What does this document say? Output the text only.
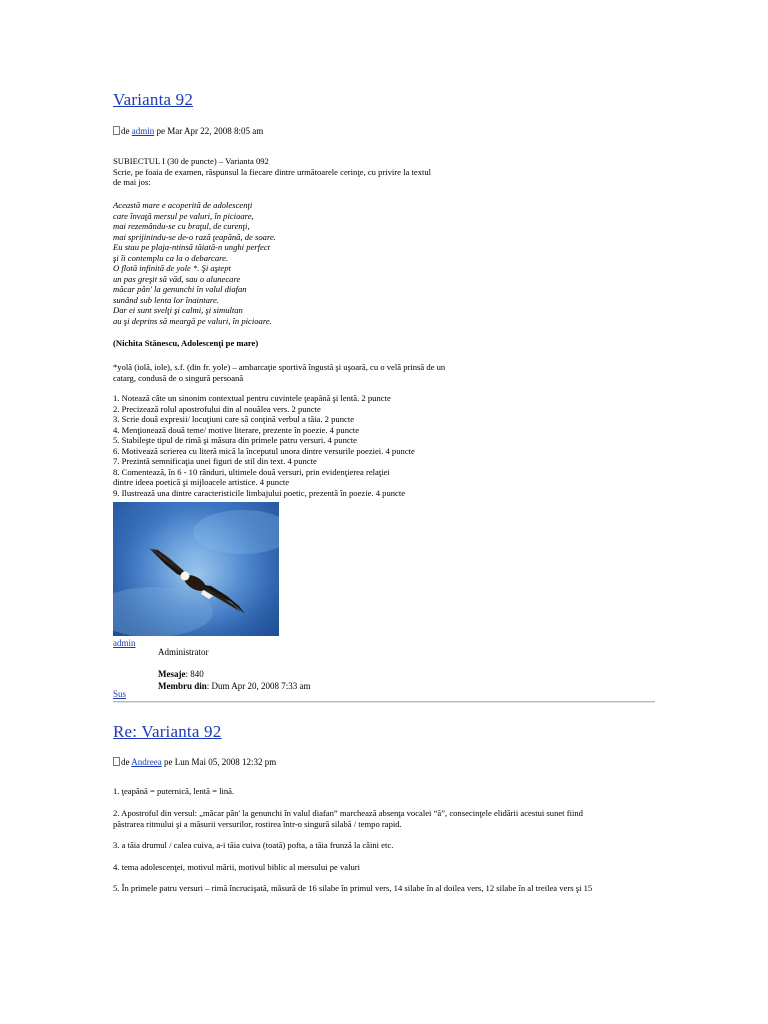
Varianta 92
de admin pe Mar Apr 22, 2008 8:05 am
SUBIECTUL I (30 de puncte) – Varianta 092
Scrie, pe foaia de examen, răspunsul la fiecare dintre următoarele cerinţe, cu privire la textul
de mai jos:
Această mare e acoperită de adolescenţi
care învaţă mersul pe valuri, în picioare,
mai rezemându-se cu braţul, de curenţi,
mai sprijinindu-se de-o rază ţeapănă, de soare.
Eu stau pe plaja-ntinsă tăiată-n unghi perfect
şi îi contemplu ca la o debarcare.
O flotă infinită de yole *. Şi aştept
un pas greşit să văd, sau o alunecare
măcar pân' la genunchi în valul diafan
sunând sub lenta lor înaintare.
Dar ei sunt svelţi şi calmi, şi simultan
au şi deprins să meargă pe valuri, în picioare.
(Nichita Stănescu, Adolescenţi pe mare)
*yolă (iolă, iole), s.f. (din fr. yole) – ambarcaţie sportivă îngustă şi uşoară, cu o velă prinsă de un
catarg, condusă de o singură persoană
1. Notează câte un sinonim contextual pentru cuvintele ţeapănă şi lentă. 2 puncte
2. Precizează rolul apostrofului din al nouălea vers. 2 puncte
3. Scrie două expresii/ locuţiuni care să conţină verbul a tăia. 2 puncte
4. Menţionează două teme/ motive literare, prezente în poezie. 4 puncte
5. Stabileşte tipul de rimă şi măsura din primele patru versuri. 4 puncte
6. Motivează scrierea cu literă mică la începutul unora dintre versurile poeziei. 4 puncte
7. Prezintă semnificaţia unei figuri de stil din text. 4 puncte
8. Comentează, în 6 - 10 rânduri, ultimele două versuri, prin evidenţierea relaţiei
dintre ideea poetică şi mijloacele artistice. 4 puncte
9. Ilustrează una dintre caracteristicile limbajului poetic, prezentă în poezie. 4 puncte
admin
Administrator
Mesaje: 840
Membru din: Dum Apr 20, 2008 7:33 am
Sus
Re: Varianta 92
de Andreea pe Lun Mai 05, 2008 12:32 pm
1. ţeapănă = puternică, lentă = lină.
2. Apostroful din versul: „măcar pân' la genunchi în valul diafan” marchează absenţa vocalei “ă”, consecinţele elidării acestui sunet fiind
păstrarea ritmului şi a măsurii versurilor, rostirea într-o singură silabă / tempo rapid.
3. a tăia drumul / calea cuiva, a-i tăia cuiva (toată) pofta, a tăia frunză la câini etc.
4. tema adolescenţei, motivul mării, motivul biblic al mersului pe valuri
5. În primele patru versuri – rimă încrucişată, măsură de 16 silabe în primul vers, 14 silabe în al doilea vers, 12 silabe în al treilea vers şi 15
